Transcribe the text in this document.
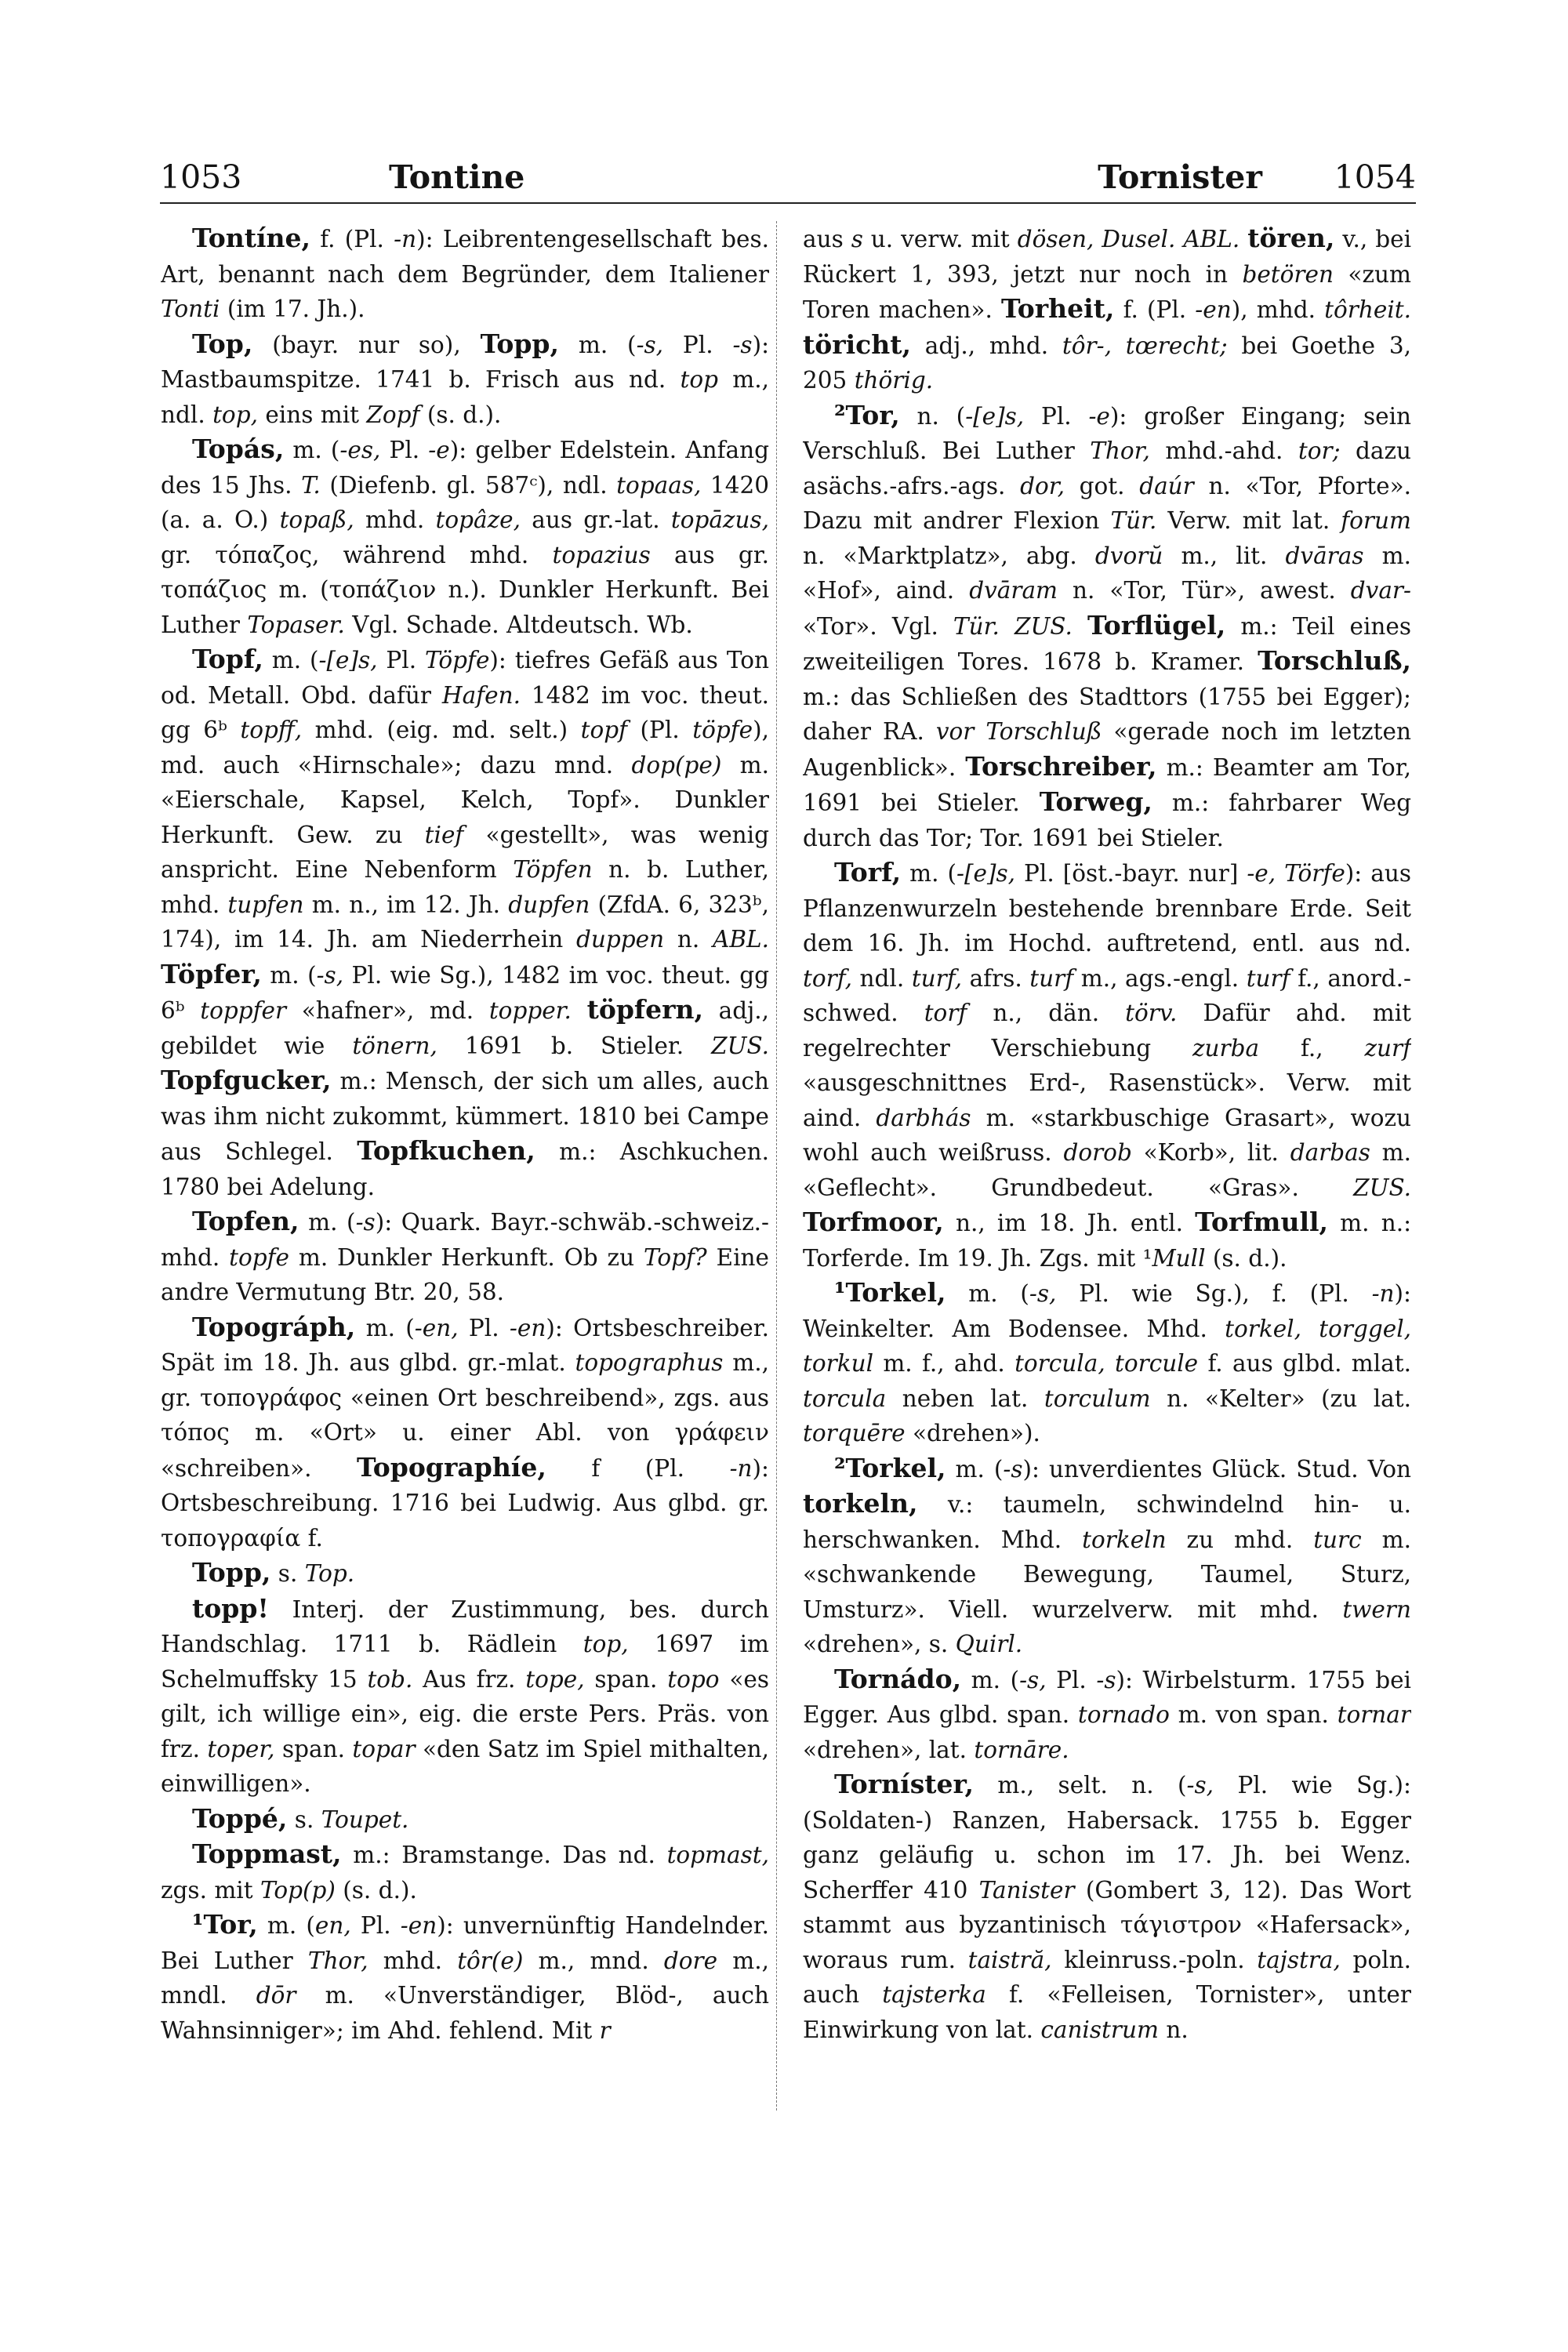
1053	Tontine	Tornister 1054

Tontíne, f. (Pl. -n): Leibrentengesellschaft bes. Art, benannt nach dem Begründer, dem Italiener Tonti (im 17. Jh.).

Top, (bayr. nur so), Topp, m. (-s, Pl. -s): Mastbaumspitze. 1741 b. Frisch aus nd. top m., ndl. top, eins mit Zopf (s. d.).

Topás, m. (-es, Pl. -e): gelber Edelstein. Anfang des 15 Jhs. T. (Diefenb. gl. 587ᶜ), ndl. topaas, 1420 (a. a. O.) topaß, mhd. topâze, aus gr.-lat. topāzus, gr. τόπαζος, während mhd. topazius aus gr. τοπάζιος m. (τοπάζιον n.). Dunkler Herkunft. Bei Luther Topaser. Vgl. Schade. Altdeutsch. Wb.

Topf, m. (-[e]s, Pl. Töpfe): tiefres Gefäß aus Ton od. Metall. Obd. dafür Hafen. 1482 im voc. theut. gg 6ᵇ topff, mhd. (eig. md. selt.) topf (Pl. töpfe), md. auch «Hirnschale»; dazu mnd. dop(pe) m. «Eierschale, Kapsel, Kelch, Topf». Dunkler Herkunft. Gew. zu tief «gestellt», was wenig anspricht. Eine Nebenform Töpfen n. b. Luther, mhd. tupfen m. n., im 12. Jh. dupfen (ZfdA. 6, 323ᵇ, 174), im 14. Jh. am Niederrhein duppen n. ABL. Töpfer, m. (-s, Pl. wie Sg.), 1482 im voc. theut. gg 6ᵇ toppfer «hafner», md. topper. töpfern, adj., gebildet wie tönern, 1691 b. Stieler. ZUS. Topfgucker, m.: Mensch, der sich um alles, auch was ihm nicht zukommt, kümmert. 1810 bei Campe aus Schlegel. Topfkuchen, m.: Aschkuchen. 1780 bei Adelung.

Topfen, m. (-s): Quark. Bayr.-schwäb.-schweiz.-mhd. topfe m. Dunkler Herkunft. Ob zu Topf? Eine andre Vermutung Btr. 20, 58.

Topográph, m. (-en, Pl. -en): Ortsbeschreiber. Spät im 18. Jh. aus glbd. gr.-mlat. topographus m., gr. τοπογράφος «einen Ort beschreibend», zgs. aus τόπος m. «Ort» u. einer Abl. von γράφειν «schreiben». Topographíe, f (Pl. -n): Ortsbeschreibung. 1716 bei Ludwig. Aus glbd. gr. τοπογραφία f.

Topp, s. Top.

topp! Interj. der Zustimmung, bes. durch Handschlag. 1711 b. Rädlein top, 1697 im Schelmuffsky 15 tob. Aus frz. tope, span. topo «es gilt, ich willige ein», eig. die erste Pers. Präs. von frz. toper, span. topar «den Satz im Spiel mithalten, einwilligen».

Toppé, s. Toupet.

Toppmast, m.: Bramstange. Das nd. topmast, zgs. mit Top(p) (s. d.).

¹Tor, m. (en, Pl. -en): unvernünftig Handelnder. Bei Luther Thor, mhd. tôr(e) m., mnd. dore m., mndl. dōr m. «Unverständiger, Blöd-, auch Wahnsinniger»; im Ahd. fehlend. Mit r

aus s u. verw. mit dösen, Dusel. ABL. tören, v., bei Rückert 1, 393, jetzt nur noch in betören «zum Toren machen». Torheit, f. (Pl. -en), mhd. tôrheit. töricht, adj., mhd. tôr-, tœrecht; bei Goethe 3, 205 thörig.

²Tor, n. (-[e]s, Pl. -e): großer Eingang; sein Verschluß. Bei Luther Thor, mhd.-ahd. tor; dazu asächs.-afrs.-ags. dor, got. daúr n. «Tor, Pforte». Dazu mit andrer Flexion Tür. Verw. mit lat. forum n. «Marktplatz», abg. dvorŭ m., lit. dvāras m. «Hof», aind. dvāram n. «Tor, Tür», awest. dvar- «Tor». Vgl. Tür. ZUS. Torflügel, m.: Teil eines zweiteiligen Tores. 1678 b. Kramer. Torschluß, m.: das Schließen des Stadttors (1755 bei Egger); daher RA. vor Torschluß «gerade noch im letzten Augenblick». Torschreiber, m.: Beamter am Tor, 1691 bei Stieler. Torweg, m.: fahrbarer Weg durch das Tor; Tor. 1691 bei Stieler.

Torf, m. (-[e]s, Pl. [öst.-bayr. nur] -e, Törfe): aus Pflanzenwurzeln bestehende brennbare Erde. Seit dem 16. Jh. im Hochd. auftretend, entl. aus nd. torf, ndl. turf, afrs. turf m., ags.-engl. turf f., anord.-schwed. torf n., dän. törv. Dafür ahd. mit regelrechter Verschiebung zurba f., zurf «ausgeschnittnes Erd-, Rasenstück». Verw. mit aind. darbhás m. «starkbuschige Grasart», wozu wohl auch weißruss. dorob «Korb», lit. darbas m. «Geflecht». Grundbedeut. «Gras». ZUS. Torfmoor, n., im 18. Jh. entl. Torfmull, m. n.: Torferde. Im 19. Jh. Zgs. mit ¹Mull (s. d.).

¹Torkel, m. (-s, Pl. wie Sg.), f. (Pl. -n): Weinkelter. Am Bodensee. Mhd. torkel, torggel, torkul m. f., ahd. torcula, torcule f. aus glbd. mlat. torcula neben lat. torculum n. «Kelter» (zu lat. torquēre «drehen»).

²Torkel, m. (-s): unverdientes Glück. Stud. Von torkeln, v.: taumeln, schwindelnd hin- u. herschwanken. Mhd. torkeln zu mhd. turc m. «schwankende Bewegung, Taumel, Sturz, Umsturz». Viell. wurzelverw. mit mhd. twern «drehen», s. Quirl.

Tornádo, m. (-s, Pl. -s): Wirbelsturm. 1755 bei Egger. Aus glbd. span. tornado m. von span. tornar «drehen», lat. tornāre.

Torníster, m., selt. n. (-s, Pl. wie Sg.): (Soldaten-) Ranzen, Habersack. 1755 b. Egger ganz geläufig u. schon im 17. Jh. bei Wenz. Scherffer 410 Tanister (Gombert 3, 12). Das Wort stammt aus byzantinisch τάγιστρον «Hafersack», woraus rum. taistră, kleinruss.-poln. tajstra, poln. auch tajsterka f. «Felleisen, Tornister», unter Einwirkung von lat. canistrum n.
